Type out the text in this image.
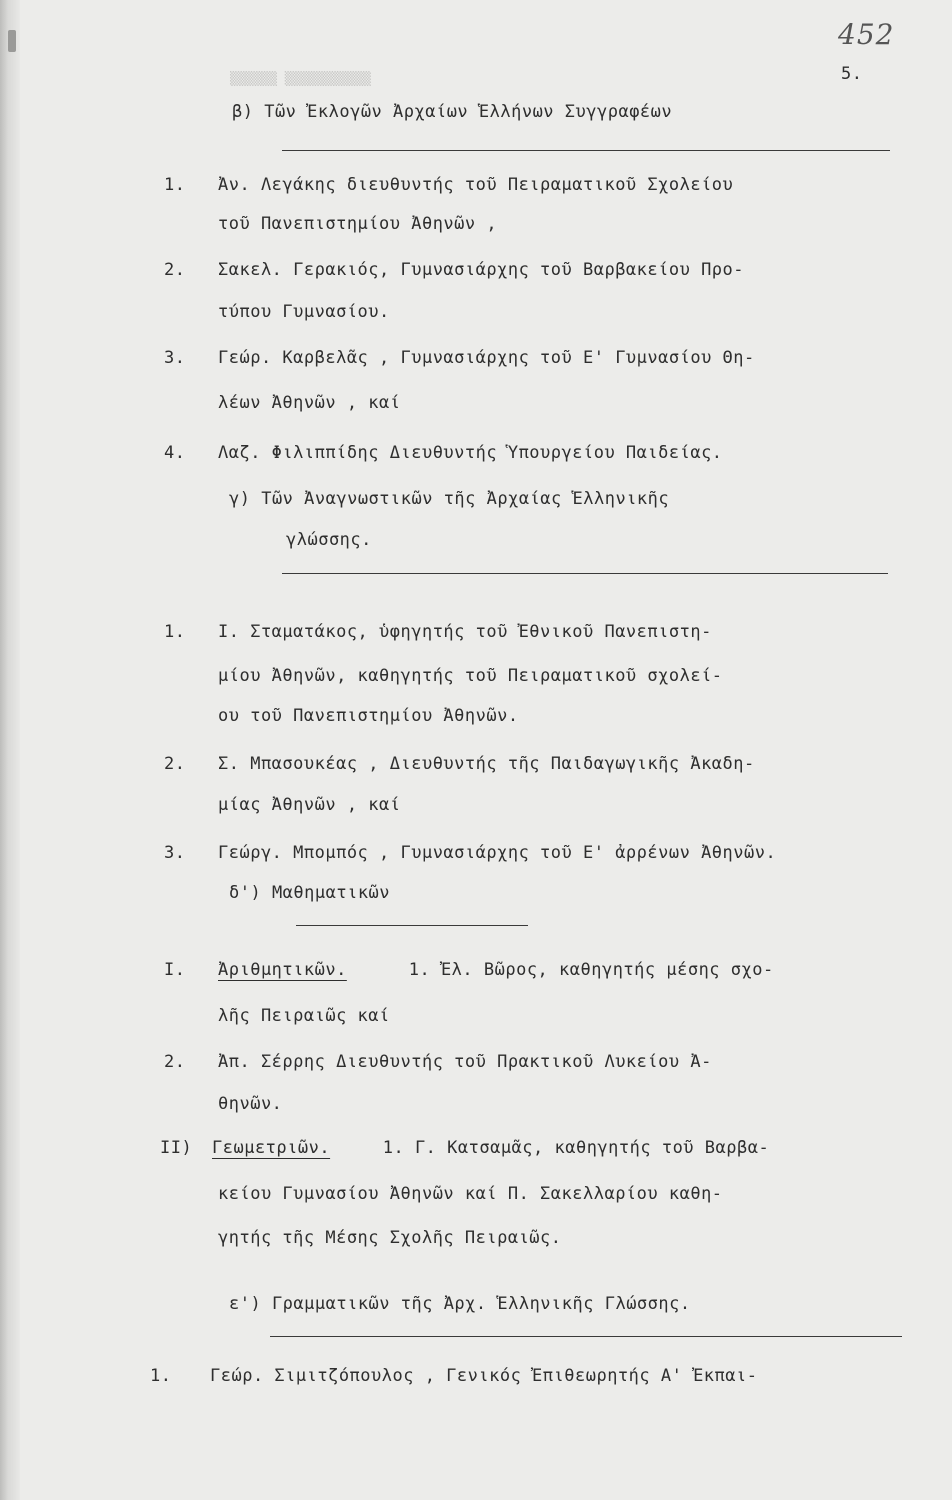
▒▒▒▒▒▒ ▒▒▒▒▒▒▒▒▒▒▒
452
5.
β) Τῶν Ἐκλογῶν Ἀρχαίων Ἑλλήνων Συγγραφέων
1. Ἀν. Λεγάκης διευθυντής τοῦ Πειραματικοῦ Σχολείου
τοῦ Πανεπιστημίου Ἀθηνῶν ,
2. Σακελ. Γερακιός, Γυμνασιάρχης τοῦ Βαρβακείου Προ-
τύπου Γυμνασίου.
3. Γεώρ. Καρβελᾶς , Γυμνασιάρχης τοῦ Ε' Γυμνασίου Θη-
λέων Ἀθηνῶν , καί
4. Λαζ. Φιλιππίδης Διευθυντής Ὑπουργείου Παιδείας.
γ) Τῶν Ἀναγνωστικῶν τῆς Ἀρχαίας Ἑλληνικῆς
γλώσσης.
1. Ι. Σταματάκος, ὑφηγητής τοῦ Ἐθνικοῦ Πανεπιστη-
μίου Ἀθηνῶν, καθηγητής τοῦ Πειραματικοῦ σχολεί-
ου τοῦ Πανεπιστημίου Ἀθηνῶν.
2. Σ. Μπασουκέας , Διευθυντής τῆς Παιδαγωγικῆς Ἀκαδη-
μίας Ἀθηνῶν , καί
3. Γεώργ. Μπομπός , Γυμνασιάρχης τοῦ Ε' ἀρρένων Ἀθηνῶν.
δ') Μαθηματικῶν
I. Ἀριθμητικῶν.	1. Ἐλ. Βῶρος, καθηγητής μέσης σχο-
λῆς Πειραιῶς καί
2. Ἀπ. Σέρρης Διευθυντής τοῦ Πρακτικοῦ Λυκείου Ἀ-
θηνῶν.
II) Γεωμετριῶν. 1. Γ. Κατσαμᾶς, καθηγητής τοῦ Βαρβα-
κείου Γυμνασίου Ἀθηνῶν καί Π. Σακελλαρίου καθη-
γητής τῆς Μέσης Σχολῆς Πειραιῶς.
ε') Γραμματικῶν τῆς Ἀρχ. Ἑλληνικῆς Γλώσσης.
1. Γεώρ. Σιμιτζόπουλος , Γενικός Ἐπιθεωρητής Α' Ἐκπαι-
